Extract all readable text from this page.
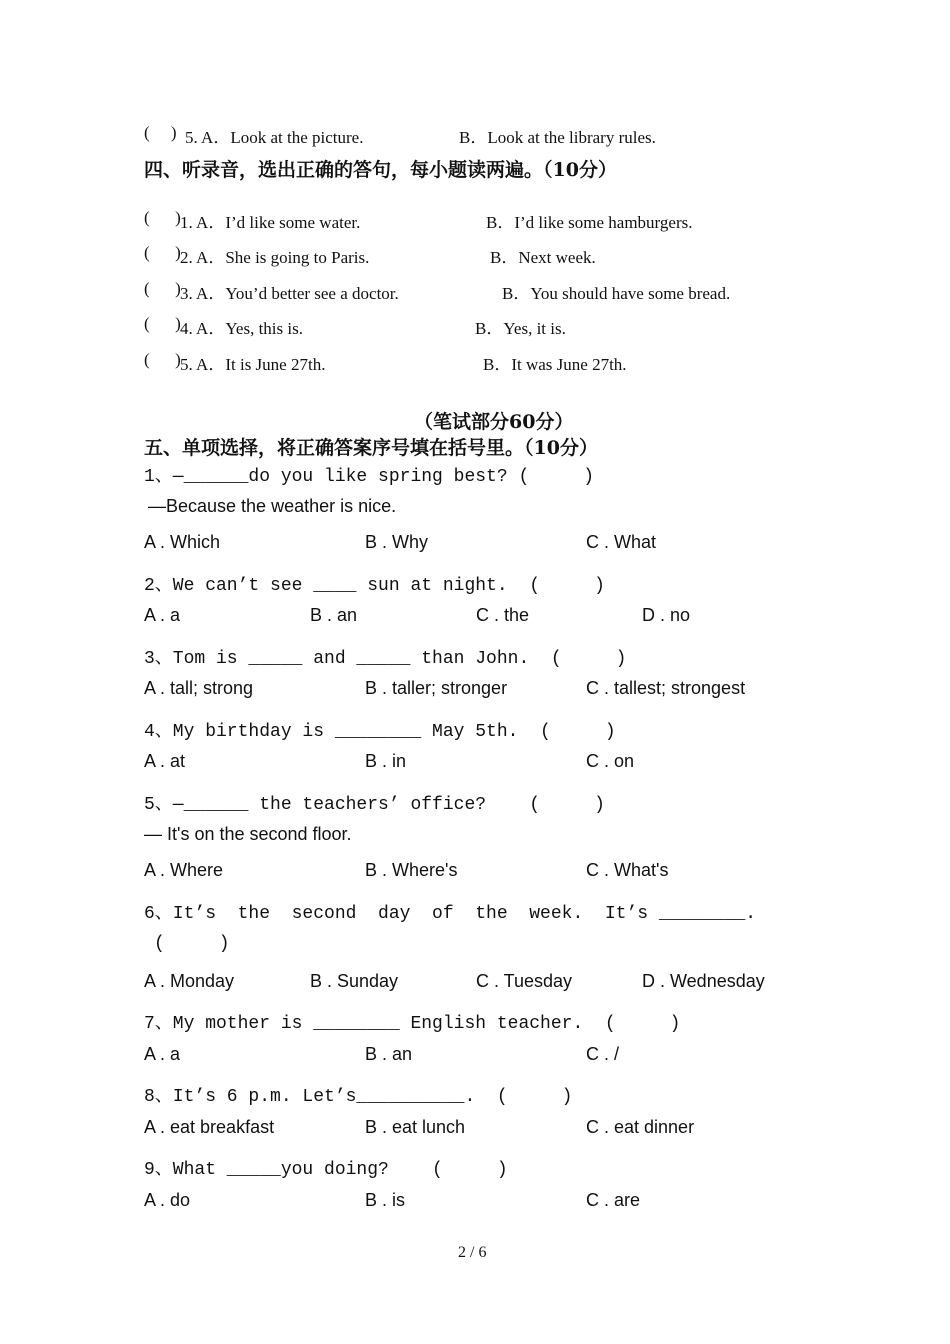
(     ) 5. A．Look at the picture.	B．Look at the library rules.
四、听录音，选出正确的答句，每小题读两遍。（10分）
(      ) 1. A．I’d like some water.	B．I’d like some hamburgers.
(      ) 2. A．She is going to Paris.	B．Next week.
(      ) 3. A．You’d better see a doctor.	B．You should have some bread.
(      ) 4. A．Yes, this is.	B．Yes, it is.
(      ) 5. A．It is June 27th.	B．It was June 27th.
（笔试部分60分）
五、单项选择，将正确答案序号填在括号里。（10分）
1、—______do you like spring best? (     )
—Because the weather is nice.
A . Which	B . Why	C . What
2、We can’t see ____ sun at night.  (     )
A . a	B . an	C . the	D . no
3、Tom is _____ and _____ than John.  (     )
A . tall; strong	B . taller; stronger	C . tallest; strongest
4、My birthday is ________ May 5th.  (     )
A . at	B . in	C . on
5、—______ the teachers’ office?    (     )
— It's on the second floor.
A . Where	B . Where's	C . What's
6、It’s  the  second  day  of  the  week.  It’s ________.
(     )
A . Monday	B . Sunday	C . Tuesday	D . Wednesday
7、My mother is ________ English teacher.  (     )
A . a	B . an	C . /
8、It’s 6 p.m. Let’s__________.  (     )
A . eat breakfast	B . eat lunch	C . eat dinner
9、What _____you doing?    (     )
A . do	B . is	C . are
2 / 6
